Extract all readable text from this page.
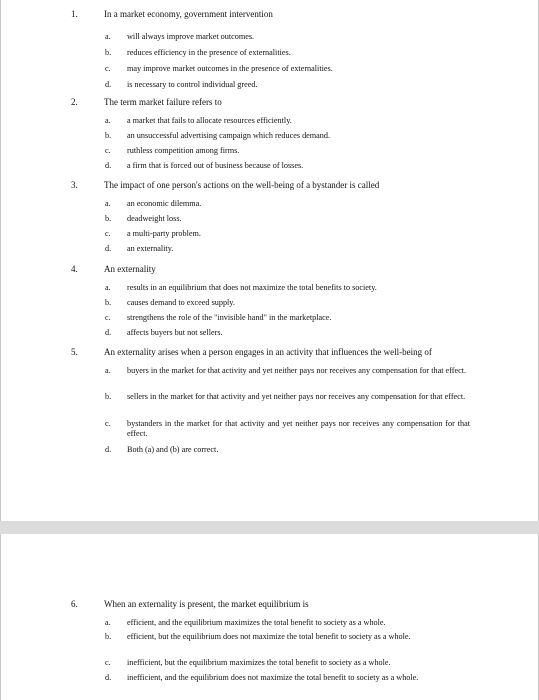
1.	In a market economy, government intervention
a. will always improve market outcomes.
b. reduces efficiency in the presence of externalities.
c. may improve market outcomes in the presence of externalities.
d. is necessary to control individual greed.
2.	The term market failure refers to
a. a market that fails to allocate resources efficiently.
b. an unsuccessful advertising campaign which reduces demand.
c. ruthless competition among firms.
d. a firm that is forced out of business because of losses.
3.	The impact of one person's actions on the well-being of a bystander is called
a. an economic dilemma.
b. deadweight loss.
c. a multi-party problem.
d. an externality.
4.	An externality
a. results in an equilibrium that does not maximize the total benefits to society.
b. causes demand to exceed supply.
c. strengthens the role of the "invisible hand" in the marketplace.
d. affects buyers but not sellers.
5.	An externality arises when a person engages in an activity that influences the well-being of
a. buyers in the market for that activity and yet neither pays nor receives any compensation for that effect.
b. sellers in the market for that activity and yet neither pays nor receives any compensation for that effect.
c. bystanders in the market for that activity and yet neither pays nor receives any compensation for that effect.
d. Both (a) and (b) are correct.
6.	When an externality is present, the market equilibrium is
a. efficient, and the equilibrium maximizes the total benefit to society as a whole.
b. efficient, but the equilibrium does not maximize the total benefit to society as a whole.
c. inefficient, but the equilibrium maximizes the total benefit to society as a whole.
d. inefficient, and the equilibrium does not maximize the total benefit to society as a whole.
